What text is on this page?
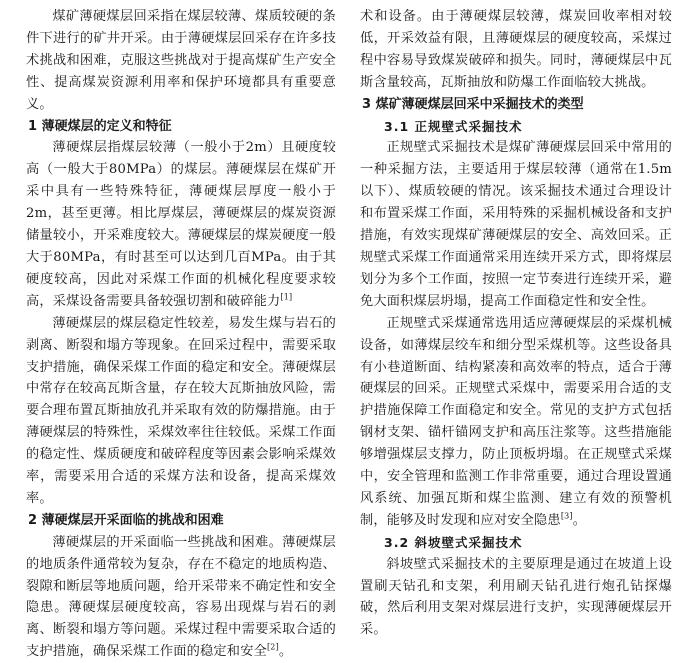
煤矿薄硬煤层回采指在煤层较薄、煤质较硬的条件下进行的矿井开采。由于薄硬煤层回采存在许多技术挑战和困难，克服这些挑战对于提高煤矿生产安全性、提高煤炭资源利用率和保护环境都具有重要意义。

1 薄硬煤层的定义和特征

薄硬煤层指煤层较薄（一般小于2m）且硬度较高（一般大于80MPa）的煤层。薄硬煤层在煤矿开采中具有一些特殊特征，薄硬煤层厚度一般小于2m，甚至更薄。相比厚煤层，薄硬煤层的煤炭资源储量较小，开采难度较大。薄硬煤层的煤炭硬度一般大于80MPa，有时甚至可以达到几百MPa。由于其硬度较高，因此对采煤工作面的机械化程度要求较高，采煤设备需要具备较强切割和破碎能力[1]

薄硬煤层的煤层稳定性较差，易发生煤与岩石的剥离、断裂和塌方等现象。在回采过程中，需要采取支护措施，确保采煤工作面的稳定和安全。薄硬煤层中常存在较高瓦斯含量，存在较大瓦斯抽放风险，需要合理布置瓦斯抽放孔并采取有效的防爆措施。由于薄硬煤层的特殊性，采煤效率往往较低。采煤工作面的稳定性、煤质硬度和破碎程度等因素会影响采煤效率，需要采用合适的采煤方法和设备，提高采煤效率。

2 薄硬煤层开采面临的挑战和困难

薄硬煤层的开采面临一些挑战和困难。薄硬煤层的地质条件通常较为复杂，存在不稳定的地质构造、裂隙和断层等地质问题，给开采带来不确定性和安全隐患。薄硬煤层硬度较高，容易出现煤与岩石的剥离、断裂和塌方等问题。采煤过程中需要采取合适的支护措施，确保采煤工作面的稳定和安全[2]。

术和设备。由于薄硬煤层较薄，煤炭回收率相对较低，开采效益有限，且薄硬煤层的硬度较高，采煤过程中容易导致煤炭破碎和损失。同时，薄硬煤层中瓦斯含量较高，瓦斯抽放和防爆工作面临较大挑战。

3 煤矿薄硬煤层回采中采掘技术的类型

3.1 正规壁式采掘技术

正规壁式采掘技术是煤矿薄硬煤层回采中常用的一种采掘方法，主要适用于煤层较薄（通常在1.5m以下）、煤质较硬的情况。该采掘技术通过合理设计和布置采煤工作面，采用特殊的采掘机械设备和支护措施，有效实现煤矿薄硬煤层的安全、高效回采。正规壁式采煤工作面通常采用连续开采方式，即将煤层划分为多个工作面，按照一定节奏进行连续开采，避免大面积煤层坍塌，提高工作面稳定性和安全性。

正规壁式采煤通常选用适应薄硬煤层的采煤机械设备，如薄煤层绞车和细分型采煤机等。这些设备具有小巷道断面、结构紧凑和高效率的特点，适合于薄硬煤层的回采。正规壁式采煤中，需要采用合适的支护措施保障工作面稳定和安全。常见的支护方式包括钢材支架、锚杆锚网支护和高压注浆等。这些措施能够增强煤层支撑力，防止顶板坍塌。在正规壁式采煤中，安全管理和监测工作非常重要，通过合理设置通风系统、加强瓦斯和煤尘监测、建立有效的预警机制，能够及时发现和应对安全隐患[3]。

3.2 斜坡壁式采掘技术

斜坡壁式采掘技术的主要原理是通过在坡道上设置刷天钻孔和支架，利用刷天钻孔进行炮孔钻探爆破，然后利用支架对煤层进行支护，实现薄硬煤层开采。
